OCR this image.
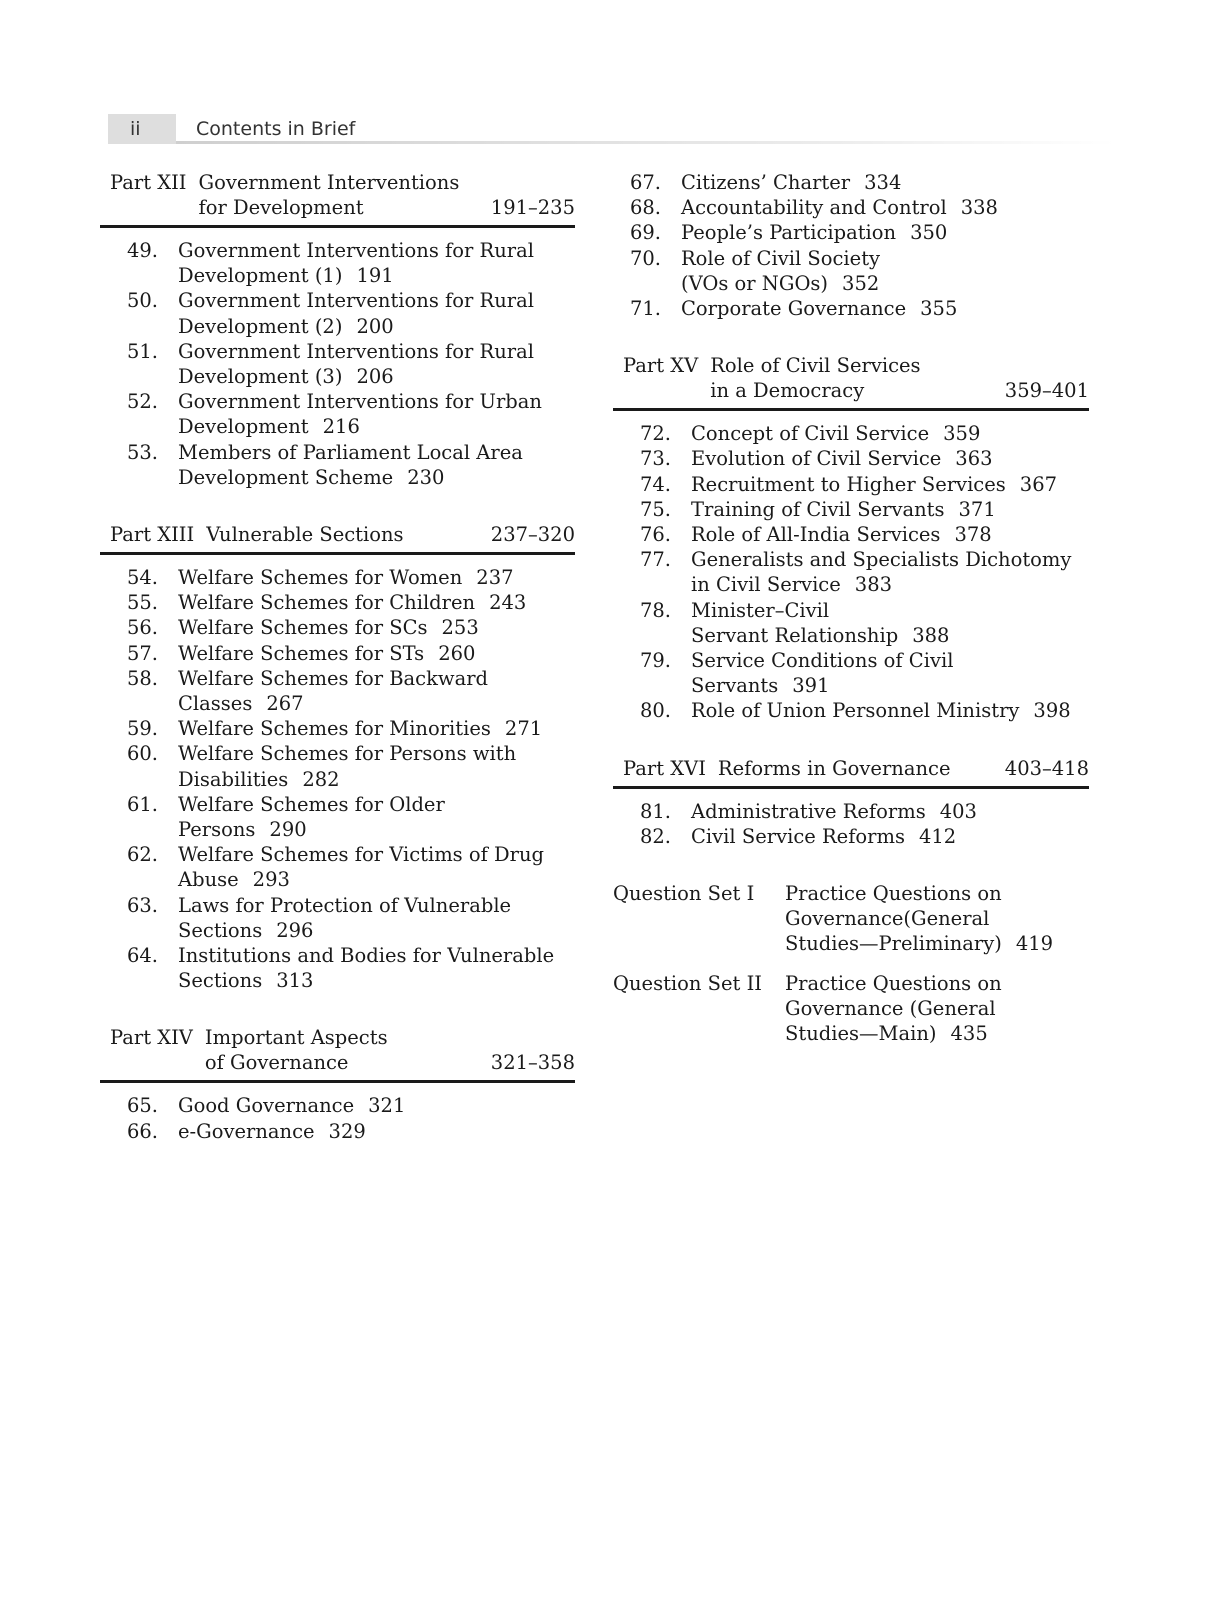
ii	Contents in Brief
Part XII Government Interventions
for Development	191–235
49.	Government Interventions for Rural
Development (1) 191
50.	Government Interventions for Rural
Development (2) 200
51.	Government Interventions for Rural
Development (3) 206
52.	Government Interventions for Urban
Development 216
53.	Members of Parliament Local Area
Development Scheme 230
Part XIII Vulnerable Sections	237–320
54.	Welfare Schemes for Women 237
55.	Welfare Schemes for Children 243
56.	Welfare Schemes for SCs 253
57.	Welfare Schemes for STs 260
58.	Welfare Schemes for Backward
Classes 267
59.	Welfare Schemes for Minorities 271
60.	Welfare Schemes for Persons with
Disabilities 282
61.	Welfare Schemes for Older
Persons 290
62.	Welfare Schemes for Victims of Drug
Abuse 293
63.	Laws for Protection of Vulnerable
Sections 296
64.	Institutions and Bodies for Vulnerable
Sections 313
Part XIV Important Aspects
of Governance	321–358
65.	Good Governance 321
66.	e-Governance 329
67.	Citizens’ Charter 334
68.	Accountability and Control 338
69.	People’s Participation 350
70.	Role of Civil Society
(VOs or NGOs) 352
71.	Corporate Governance 355
Part XV Role of Civil Services
in a Democracy	359–401
72.	Concept of Civil Service 359
73.	Evolution of Civil Service 363
74.	Recruitment to Higher Services 367
75.	Training of Civil Servants 371
76.	Role of All-India Services 378
77.	Generalists and Specialists Dichotomy
in Civil Service 383
78.	Minister–Civil
Servant Relationship 388
79.	Service Conditions of Civil
Servants 391
80.	Role of Union Personnel Ministry 398
Part XVI Reforms in Governance	403–418
81.	Administrative Reforms 403
82.	Civil Service Reforms 412
Question Set I	Practice Questions on
Governance(General
Studies—Preliminary) 419
Question Set II	Practice Questions on
Governance (General
Studies—Main) 435
